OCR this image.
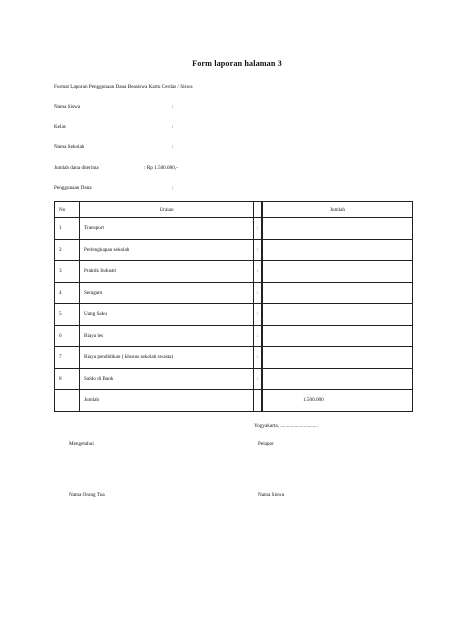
Form laporan halaman 3
Format Laporan Penggunaan Dana Beasiswa Kartu Cerdas / Siswa
Nama Siswa	:
Kelas	:
Nama Sekolah	:
Jumlah dana diterima	: Rp 1.500.000,-
Penggunaan Dana	:
No	Uraian		Jumlah
1	Transport	:	
2	Perlengkapan sekolah	:	
3	Praktik Industri	:	
4	Seragam	:	
5	Uang Saku	:	
6	Biaya les	:	
7	Biaya pendidikan ( khusus sekolah swasta)	:	
8	Saldo di Bank	:	
	Jumlah		1.500.000
Yogyakarta, .............................
Mengetahui	Pelapor
Nama Orang Tua	Nama Siswa
